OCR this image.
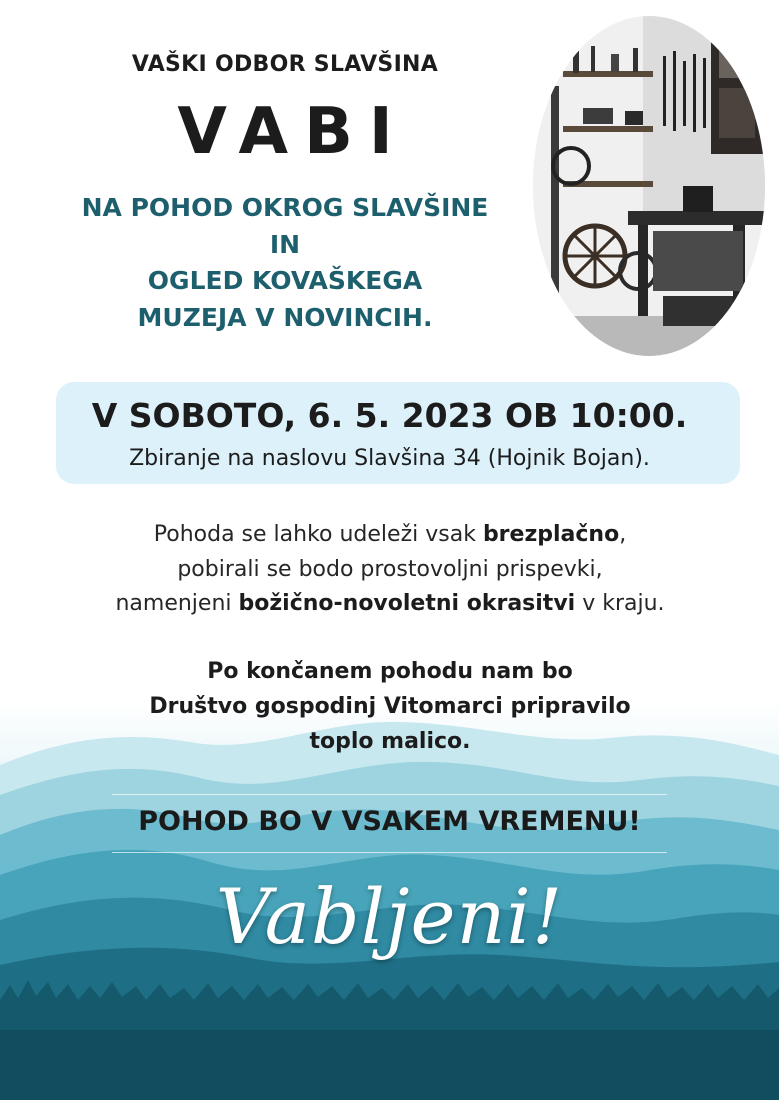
VAŠKI ODBOR SLAVŠINA
VABI
NA POHOD OKROG SLAVŠINE
IN
OGLED KOVAŠKEGA
MUZEJA V NOVINCIH.
V SOBOTO, 6. 5. 2023 OB 10:00.
Zbiranje na naslovu Slavšina 34 (Hojnik Bojan).
Pohoda se lahko udeleži vsak brezplačno,
pobirali se bodo prostovoljni prispevki,
namenjeni božično-novoletni okrasitvi v kraju.
Po končanem pohodu nam bo
Društvo gospodinj Vitomarci pripravilo
toplo malico.
POHOD BO V VSAKEM VREMENU!
Vabljeni!
